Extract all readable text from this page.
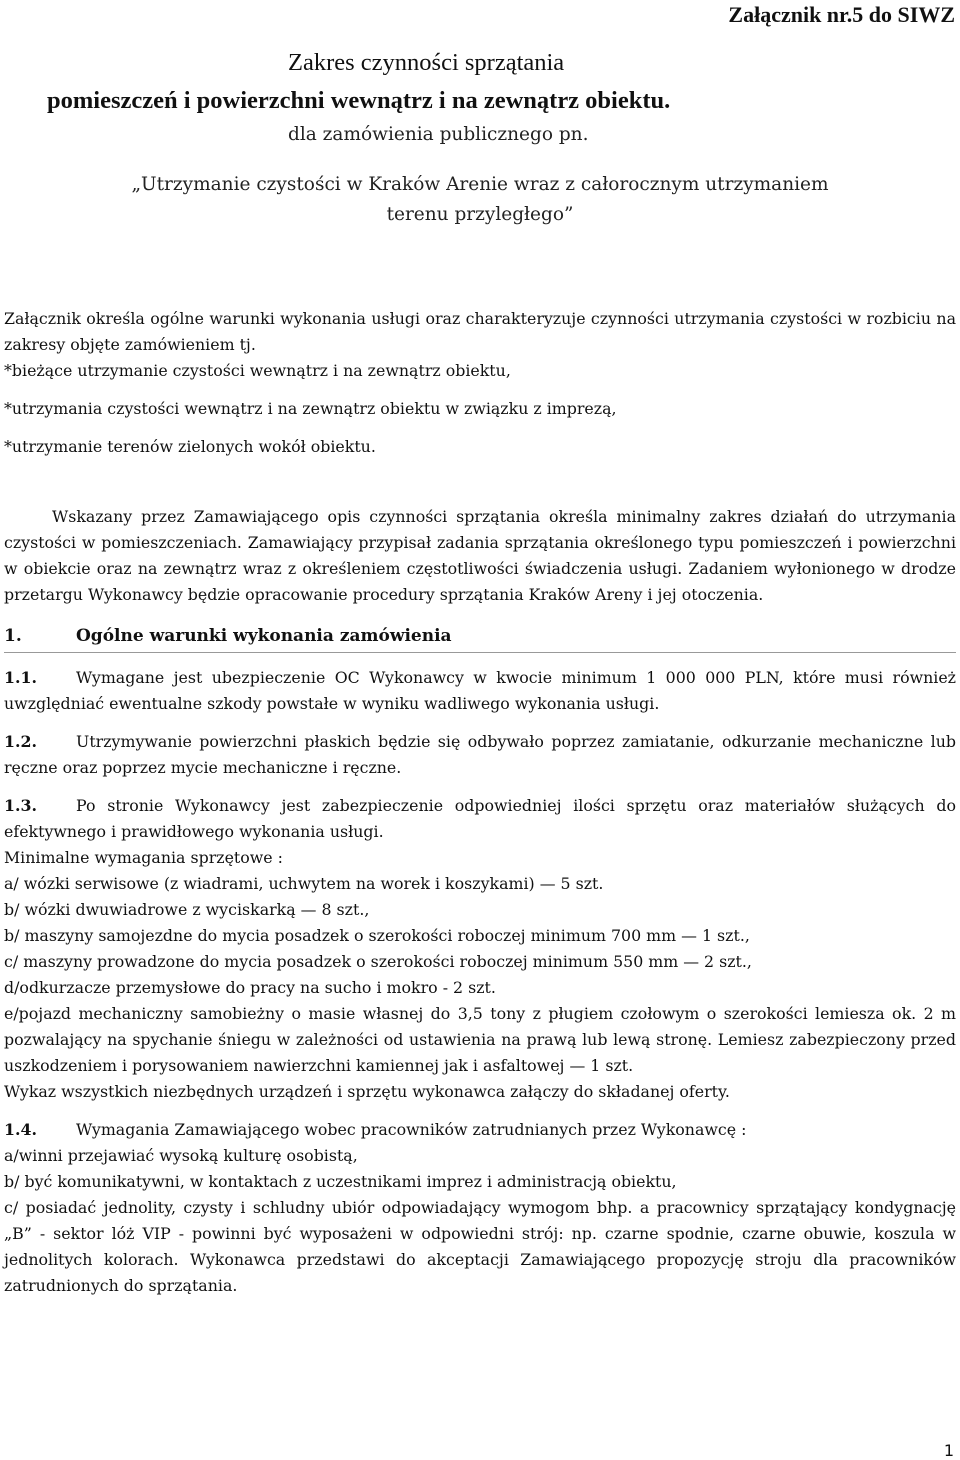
Załącznik nr.5 do SIWZ

Zakres czynności sprzątania

pomieszczeń i powierzchni wewnątrz i na zewnątrz obiektu.

dla zamówienia publicznego pn.

„Utrzymanie czystości w Kraków Arenie wraz z całorocznym utrzymaniem

terenu przyległego”

Załącznik określa ogólne warunki wykonania usługi oraz charakteryzuje czynności utrzymania czystości w rozbiciu na zakresy objęte zamówieniem tj.

*bieżące utrzymanie czystości wewnątrz i na zewnątrz obiektu,

*utrzymania czystości wewnątrz i na zewnątrz obiektu w związku z imprezą,

*utrzymanie terenów zielonych wokół obiektu.

Wskazany przez Zamawiającego opis czynności sprzątania określa minimalny zakres działań do utrzymania czystości w pomieszczeniach. Zamawiający przypisał zadania sprzątania określonego typu pomieszczeń i powierzchni w obiekcie oraz na zewnątrz wraz z określeniem częstotliwości świadczenia usługi. Zadaniem wyłonionego w drodze przetargu Wykonawcy będzie opracowanie procedury sprzątania Kraków Areny i jej otoczenia.

1.	Ogólne warunki wykonania zamówienia

1.1. Wymagane jest ubezpieczenie OC Wykonawcy w kwocie minimum 1 000 000 PLN, które musi również uwzględniać ewentualne szkody powstałe w wyniku wadliwego wykonania usługi.

1.2. Utrzymywanie powierzchni płaskich będzie się odbywało poprzez zamiatanie, odkurzanie mechaniczne lub ręczne oraz poprzez mycie mechaniczne i ręczne.

1.3. Po stronie Wykonawcy jest zabezpieczenie odpowiedniej ilości sprzętu oraz materiałów służących do efektywnego i prawidłowego wykonania usługi.

Minimalne wymagania sprzętowe :

a/ wózki serwisowe (z wiadrami, uchwytem na worek i koszykami) — 5 szt.

b/ wózki dwuwiadrowe z wyciskarką — 8 szt.,

b/ maszyny samojezdne do mycia posadzek o szerokości roboczej minimum 700 mm — 1 szt.,

c/ maszyny prowadzone do mycia posadzek o szerokości roboczej minimum 550 mm — 2 szt.,

d/odkurzacze przemysłowe do pracy na sucho i mokro - 2 szt.

e/pojazd mechaniczny samobieżny o masie własnej do 3,5 tony z pługiem czołowym o szerokości lemiesza ok. 2 m pozwalający na spychanie śniegu w zależności od ustawienia na prawą lub lewą stronę. Lemiesz zabezpieczony przed uszkodzeniem i porysowaniem nawierzchni kamiennej jak i asfaltowej — 1 szt.

Wykaz wszystkich niezbędnych urządzeń i sprzętu wykonawca załączy do składanej oferty.

1.4. Wymagania Zamawiającego wobec pracowników zatrudnianych przez Wykonawcę :

a/winni przejawiać wysoką kulturę osobistą,

b/ być komunikatywni, w kontaktach z uczestnikami imprez i administracją obiektu,

c/ posiadać jednolity, czysty i schludny ubiór odpowiadający wymogom bhp. a pracownicy sprzątający kondygnację „B” - sektor lóż VIP - powinni być wyposażeni w odpowiedni strój: np. czarne spodnie, czarne obuwie, koszula w jednolitych kolorach. Wykonawca przedstawi do akceptacji Zamawiającego propozycję stroju dla pracowników zatrudnionych do sprzątania.

1
